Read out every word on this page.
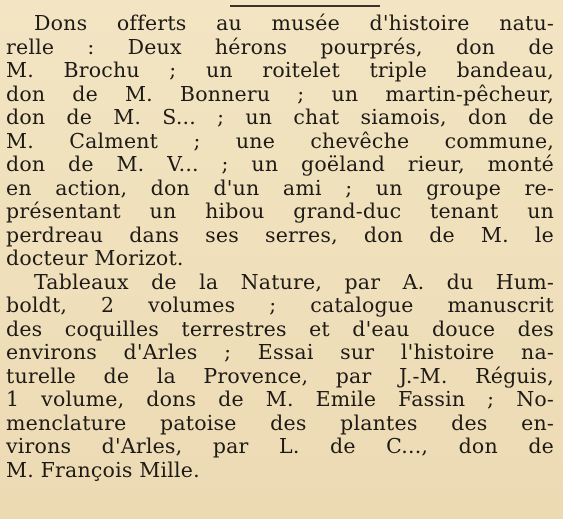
Dons offerts au musée d'histoire natu-
relle : Deux hérons pourprés, don de
M. Brochu ; un roitelet triple bandeau,
don de M. Bonneru ; un martin-pêcheur,
don de M. S... ; un chat siamois, don de
M. Calment ; une chevêche commune,
don de M. V... ; un goëland rieur, monté
en action, don d'un ami ; un groupe re-
présentant un hibou grand-duc tenant un
perdreau dans ses serres, don de M. le
docteur Morizot.
Tableaux de la Nature, par A. du Hum-
boldt, 2 volumes ; catalogue manuscrit
des coquilles terrestres et d'eau douce des
environs d'Arles ; Essai sur l'histoire na-
turelle de la Provence, par J.-M. Réguis,
1 volume, dons de M. Emile Fassin ; No-
menclature patoise des plantes des en-
virons d'Arles, par L. de C..., don de
M. François Mille.
